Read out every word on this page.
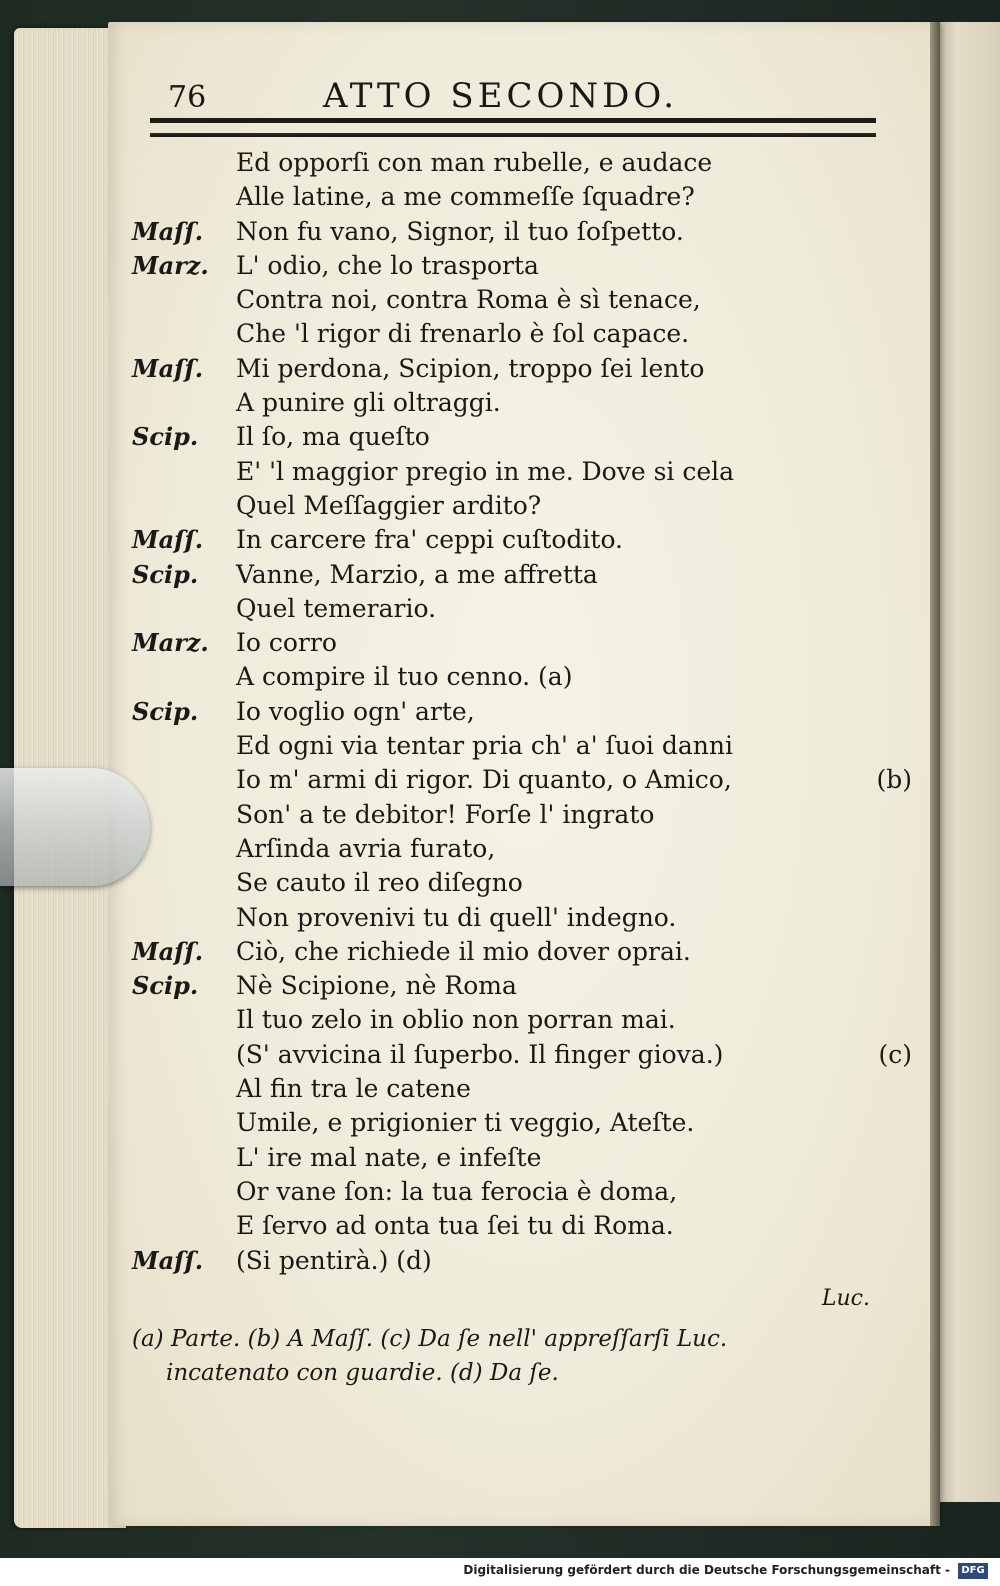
76	ATTO SECONDO.
Ed opporſi con man rubelle, e audace
Alle latine, a me commeſſe ſquadre?
Maſſ. Non fu vano, Signor, il tuo ſoſpetto.
Marz. L' odio, che lo trasporta
Contra noi, contra Roma è sì tenace,
Che 'l rigor di frenarlo è ſol capace.
Maſſ. Mi perdona, Scipion, troppo ſei lento
A punire gli oltraggi.
Scip. Il ſo, ma queſto
E' 'l maggior pregio in me. Dove si cela
Quel Meſſaggier ardito?
Maſſ. In carcere fra' ceppi cuſtodito.
Scip. Vanne, Marzio, a me affretta
Quel temerario.
Marz. Io corro
A compire il tuo cenno. (a)
Scip. Io voglio ogn' arte,
Ed ogni via tentar pria ch' a' ſuoi danni
Io m' armi di rigor. Di quanto, o Amico,	(b)
Son' a te debitor! Forſe l' ingrato
Arſinda avria furato,
Se cauto il reo diſegno
Non provenivi tu di quell' indegno.
Maſſ. Ciò, che richiede il mio dover oprai.
Scip. Nè Scipione, nè Roma
Il tuo zelo in oblio non porran mai.
(S' avvicina il ſuperbo. Il finger giova.)	(c)
Al fin tra le catene
Umile, e prigionier ti veggio, Ateſte.
L' ire mal nate, e infeſte
Or vane ſon: la tua ferocia è doma,
E ſervo ad onta tua ſei tu di Roma.
Maſſ. (Si pentirà.) (d)
Luc.
(a) Parte. (b) A Maſſ. (c) Da ſe nell' appreſſarſi Luc.
incatenato con guardie. (d) Da ſe.
Digitalisierung gefördert durch die Deutsche Forschungsgemeinschaft -	DFG
